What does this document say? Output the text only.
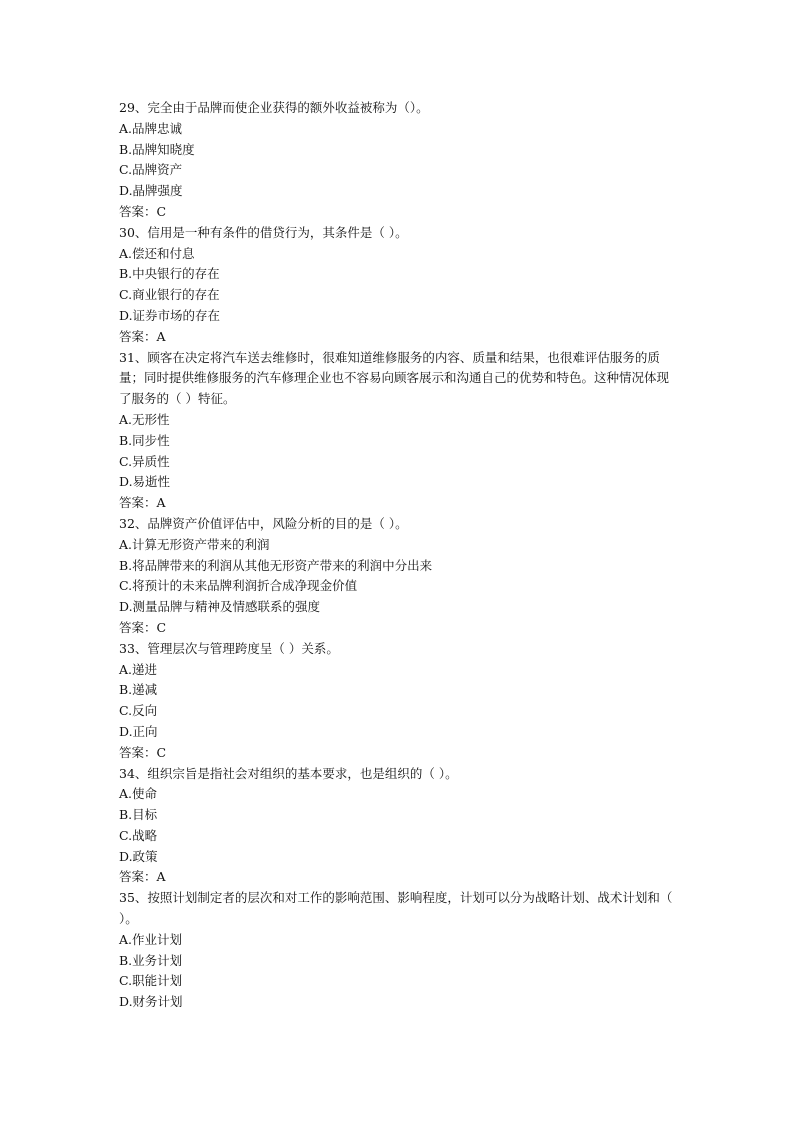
29、完全由于品牌而使企业获得的额外收益被称为（）。

A.品牌忠诚

B.品牌知晓度

C.品牌资产

D.晶牌强度

答案：C

30、信用是一种有条件的借贷行为，其条件是（ ）。

A.偿还和付息

B.中央银行的存在

C.商业银行的存在

D.证券市场的存在

答案：A

31、顾客在决定将汽车送去维修时，很难知道维修服务的内容、质量和结果，也很难评估服务的质量；同时提供维修服务的汽车修理企业也不容易向顾客展示和沟通自己的优势和特色。这种情况体现了服务的（ ）特征。

A.无形性

B.同步性

C.异质性

D.易逝性

答案：A

32、品牌资产价值评估中，风险分析的目的是（ ）。

A.计算无形资产带来的利润

B.将品牌带来的利润从其他无形资产带来的利润中分出来

C.将预计的未来品牌利润折合成净现金价值

D.测量品牌与精神及情感联系的强度

答案：C

33、管理层次与管理跨度呈（ ）关系。

A.递进

B.递减

C.反向

D.正向

答案：C

34、组织宗旨是指社会对组织的基本要求，也是组织的（ ）。

A.使命

B.目标

C.战略

D.政策

答案：A

35、按照计划制定者的层次和对工作的影响范围、影响程度，计划可以分为战略计划、战术计划和（ ）。

A.作业计划

B.业务计划

C.职能计划

D.财务计划
